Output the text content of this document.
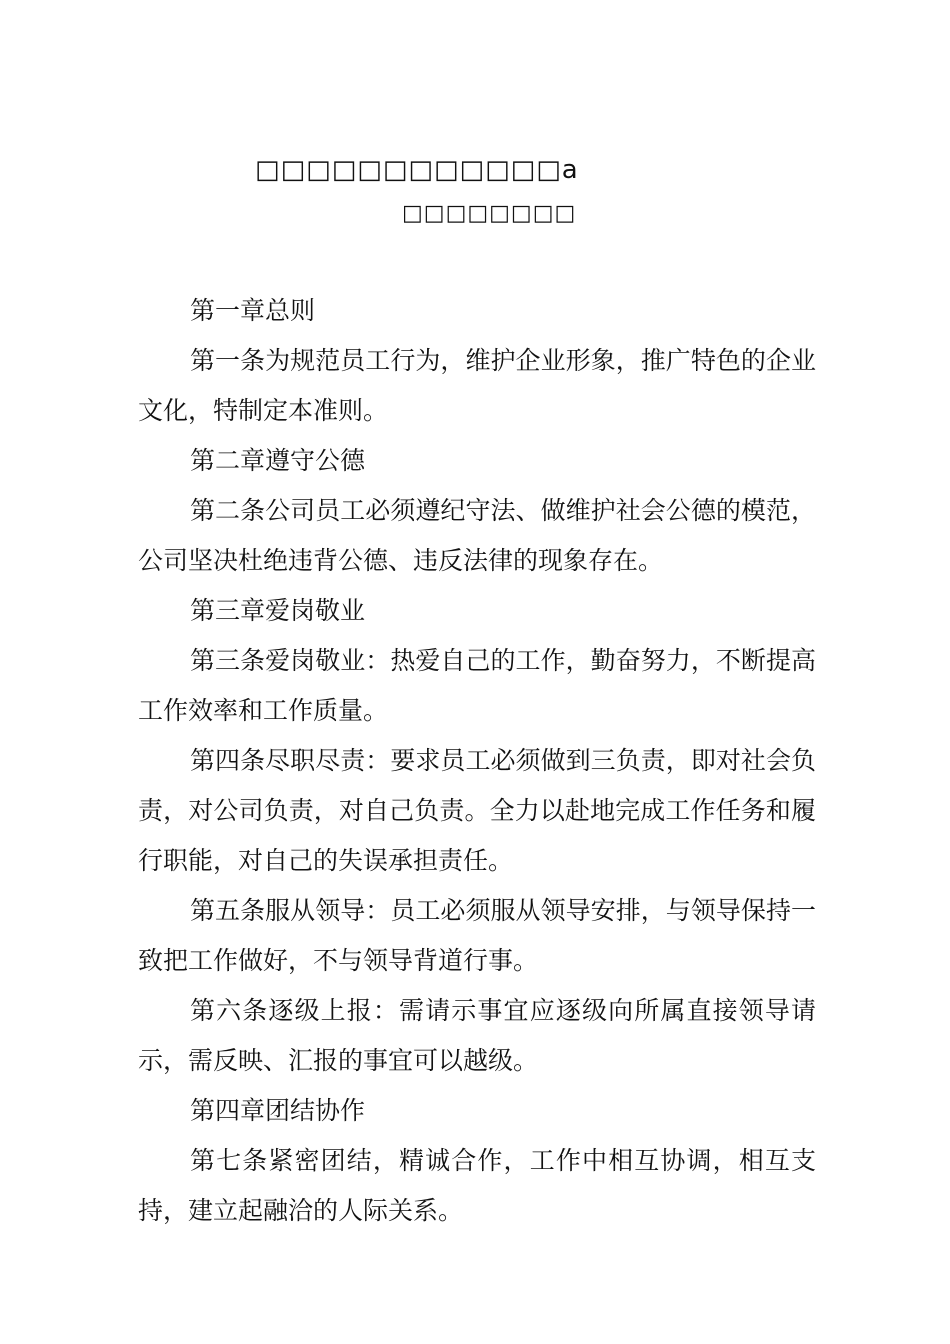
□□□□□□□□□□□□a
□□□□□□□□

第一章总则

第一条为规范员工行为，维护企业形象，推广特色的企业文化，特制定本准则。

第二章遵守公德

第二条公司员工必须遵纪守法、做维护社会公德的模范，公司坚决杜绝违背公德、违反法律的现象存在。

第三章爱岗敬业

第三条爱岗敬业：热爱自己的工作，勤奋努力，不断提高工作效率和工作质量。

第四条尽职尽责：要求员工必须做到三负责，即对社会负责，对公司负责，对自己负责。全力以赴地完成工作任务和履行职能，对自己的失误承担责任。

第五条服从领导：员工必须服从领导安排，与领导保持一致把工作做好，不与领导背道行事。

第六条逐级上报：需请示事宜应逐级向所属直接领导请示，需反映、汇报的事宜可以越级。

第四章团结协作

第七条紧密团结，精诚合作，工作中相互协调，相互支持，建立起融洽的人际关系。
